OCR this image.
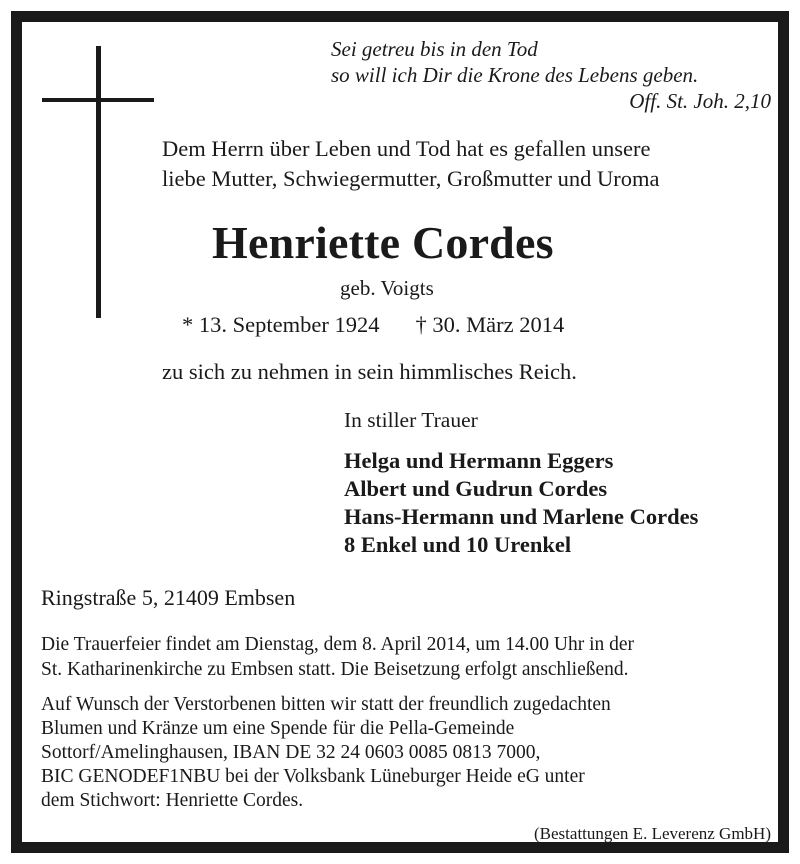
Sei getreu bis in den Tod
so will ich Dir die Krone des Lebens geben.
Off. St. Joh. 2,10
Dem Herrn über Leben und Tod hat es gefallen unsere
liebe Mutter, Schwiegermutter, Großmutter und Uroma
Henriette Cordes
geb. Voigts
* 13. September 1924 † 30. März 2014
zu sich zu nehmen in sein himmlisches Reich.
In stiller Trauer
Helga und Hermann Eggers
Albert und Gudrun Cordes
Hans-Hermann und Marlene Cordes
8 Enkel und 10 Urenkel
Ringstraße 5, 21409 Embsen
Die Trauerfeier findet am Dienstag, dem 8. April 2014, um 14.00 Uhr in der
St. Katharinenkirche zu Embsen statt. Die Beisetzung erfolgt anschließend.
Auf Wunsch der Verstorbenen bitten wir statt der freundlich zugedachten
Blumen und Kränze um eine Spende für die Pella-Gemeinde
Sottorf/Amelinghausen, IBAN DE 32 24 0603 0085 0813 7000,
BIC GENODEF1NBU bei der Volksbank Lüneburger Heide eG unter
dem Stichwort: Henriette Cordes.
(Bestattungen E. Leverenz GmbH)
